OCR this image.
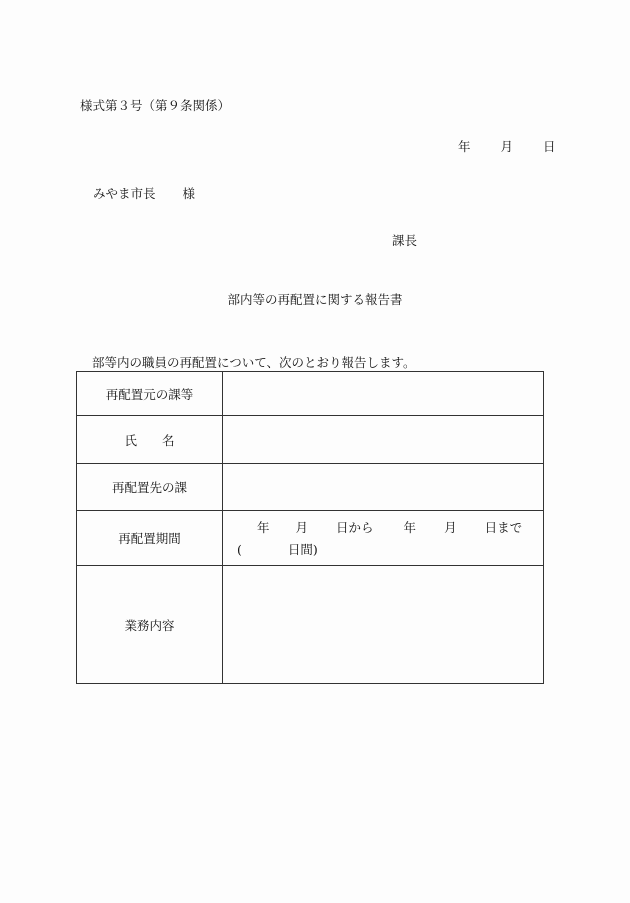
様式第３号（第９条関係）
年 月 日
みやま市長 様
課長
部内等の再配置に関する報告書
部等内の職員の再配置について、次のとおり報告します。
再配置元の課等	
氏　　名	
再配置先の課	
再配置期間	年 月 日から 年 月 日まで
( 日間)

業務内容	
